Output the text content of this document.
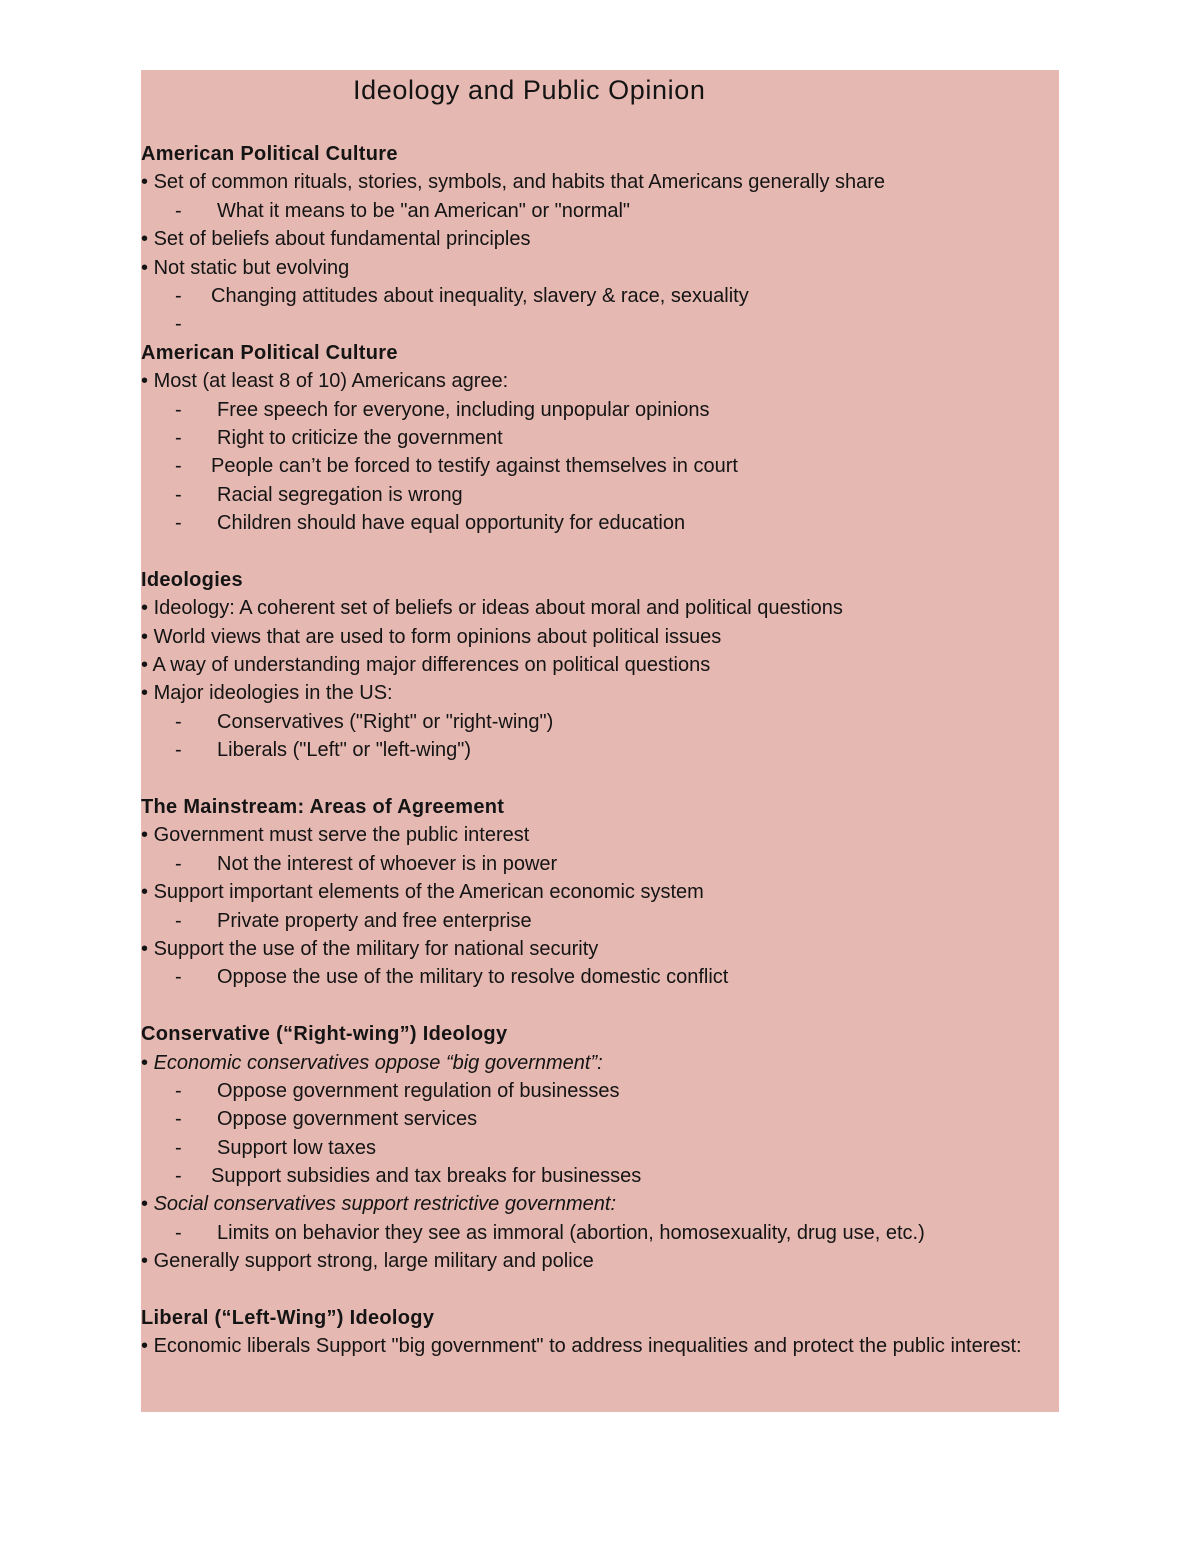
Ideology and Public Opinion
American Political Culture
• Set of common rituals, stories, symbols, and habits that Americans generally share
- What it means to be "an American" or "normal"
• Set of beliefs about fundamental principles
• Not static but evolving
- Changing attitudes about inequality, slavery & race, sexuality
-
American Political Culture
• Most (at least 8 of 10) Americans agree:
- Free speech for everyone, including unpopular opinions
- Right to criticize the government
- People can’t be forced to testify against themselves in court
- Racial segregation is wrong
- Children should have equal opportunity for education
Ideologies
• Ideology: A coherent set of beliefs or ideas about moral and political questions
• World views that are used to form opinions about political issues
• A way of understanding major differences on political questions
• Major ideologies in the US:
- Conservatives ("Right" or "right-wing")
- Liberals ("Left" or "left-wing")
The Mainstream: Areas of Agreement
• Government must serve the public interest
- Not the interest of whoever is in power
• Support important elements of the American economic system
- Private property and free enterprise
• Support the use of the military for national security
- Oppose the use of the military to resolve domestic conflict
Conservative (“Right-wing”) Ideology
• Economic conservatives oppose “big government”:
- Oppose government regulation of businesses
- Oppose government services
- Support low taxes
- Support subsidies and tax breaks for businesses
• Social conservatives support restrictive government:
- Limits on behavior they see as immoral (abortion, homosexuality, drug use, etc.)
• Generally support strong, large military and police
Liberal (“Left-Wing”) Ideology
• Economic liberals Support "big government" to address inequalities and protect the public interest:
